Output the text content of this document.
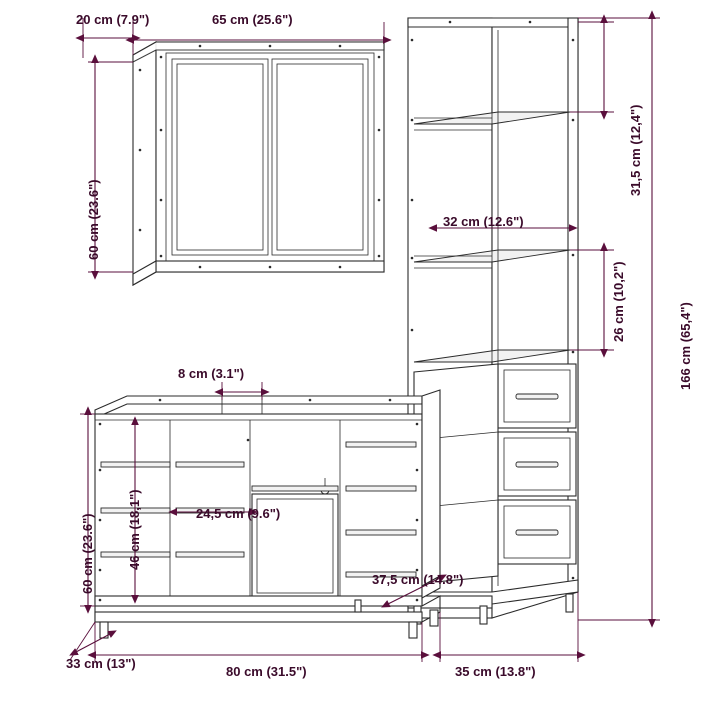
20 cm (7.9")	65 cm (25.6")
60 cm (23.6")
31,5 cm (12,4")
26 cm (10,2")
166 cm (65,4")
32 cm (12.6")
8 cm (3.1")
60 cm (23.6") 46 cm (18,1")	24,5 cm (9.6")
37,5 cm (14.8")
33 cm (13")
80 cm (31.5")	35 cm (13.8")
